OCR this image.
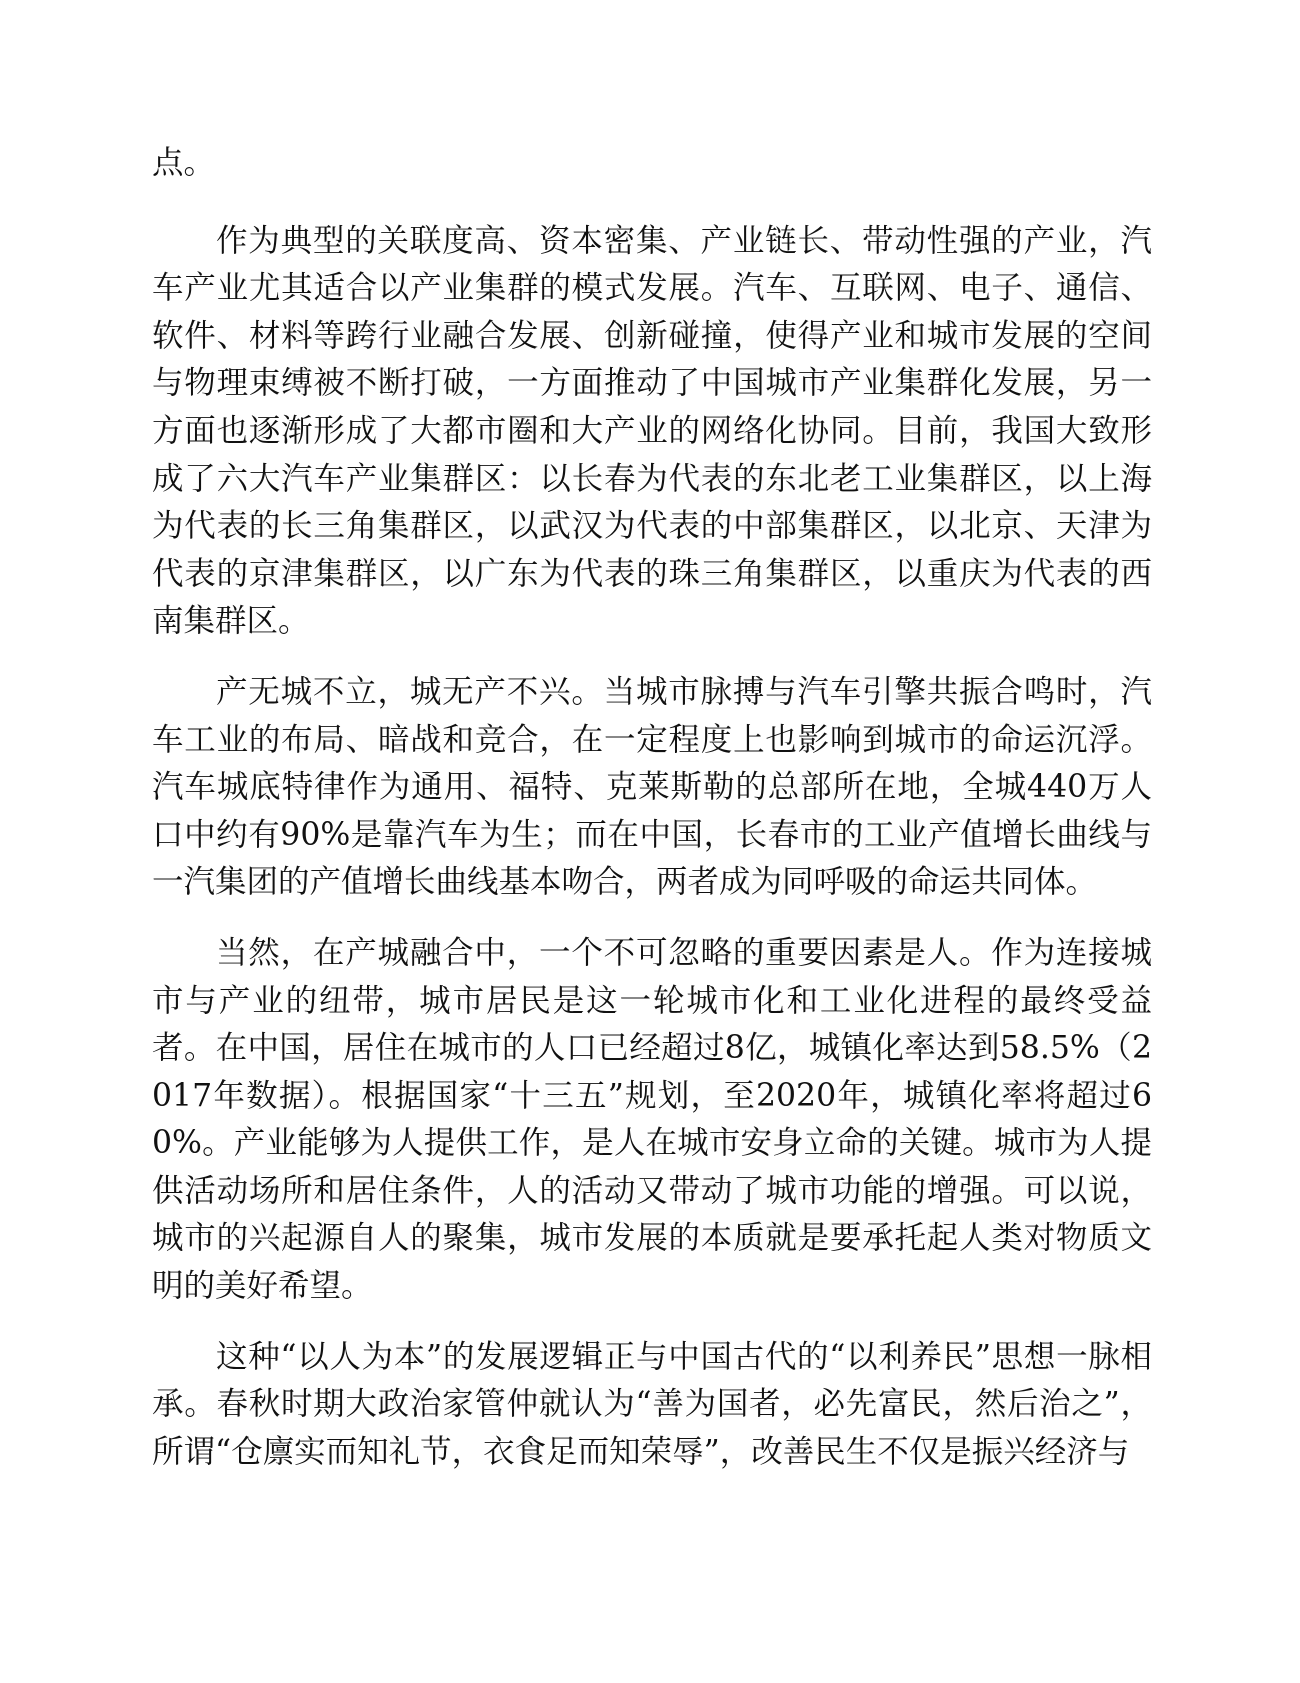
点。

作为典型的关联度高、资本密集、产业链长、带动性强的产业，汽车产业尤其适合以产业集群的模式发展。汽车、互联网、电子、通信、软件、材料等跨行业融合发展、创新碰撞，使得产业和城市发展的空间与物理束缚被不断打破，一方面推动了中国城市产业集群化发展，另一方面也逐渐形成了大都市圈和大产业的网络化协同。目前，我国大致形成了六大汽车产业集群区：以长春为代表的东北老工业集群区，以上海为代表的长三角集群区，以武汉为代表的中部集群区，以北京、天津为代表的京津集群区，以广东为代表的珠三角集群区，以重庆为代表的西南集群区。

产无城不立，城无产不兴。当城市脉搏与汽车引擎共振合鸣时，汽车工业的布局、暗战和竞合，在一定程度上也影响到城市的命运沉浮。汽车城底特律作为通用、福特、克莱斯勒的总部所在地，全城440万人口中约有90%是靠汽车为生；而在中国，长春市的工业产值增长曲线与一汽集团的产值增长曲线基本吻合，两者成为同呼吸的命运共同体。

当然，在产城融合中，一个不可忽略的重要因素是人。作为连接城市与产业的纽带，城市居民是这一轮城市化和工业化进程的最终受益者。在中国，居住在城市的人口已经超过8亿，城镇化率达到58.5%（2017年数据）。根据国家“十三五”规划，至2020年，城镇化率将超过60%。产业能够为人提供工作，是人在城市安身立命的关键。城市为人提供活动场所和居住条件，人的活动又带动了城市功能的增强。可以说，城市的兴起源自人的聚集，城市发展的本质就是要承托起人类对物质文明的美好希望。

这种“以人为本”的发展逻辑正与中国古代的“以利养民”思想一脉相承。春秋时期大政治家管仲就认为“善为国者，必先富民，然后治之”，所谓“仓廪实而知礼节，衣食足而知荣辱”，改善民生不仅是振兴经济与
